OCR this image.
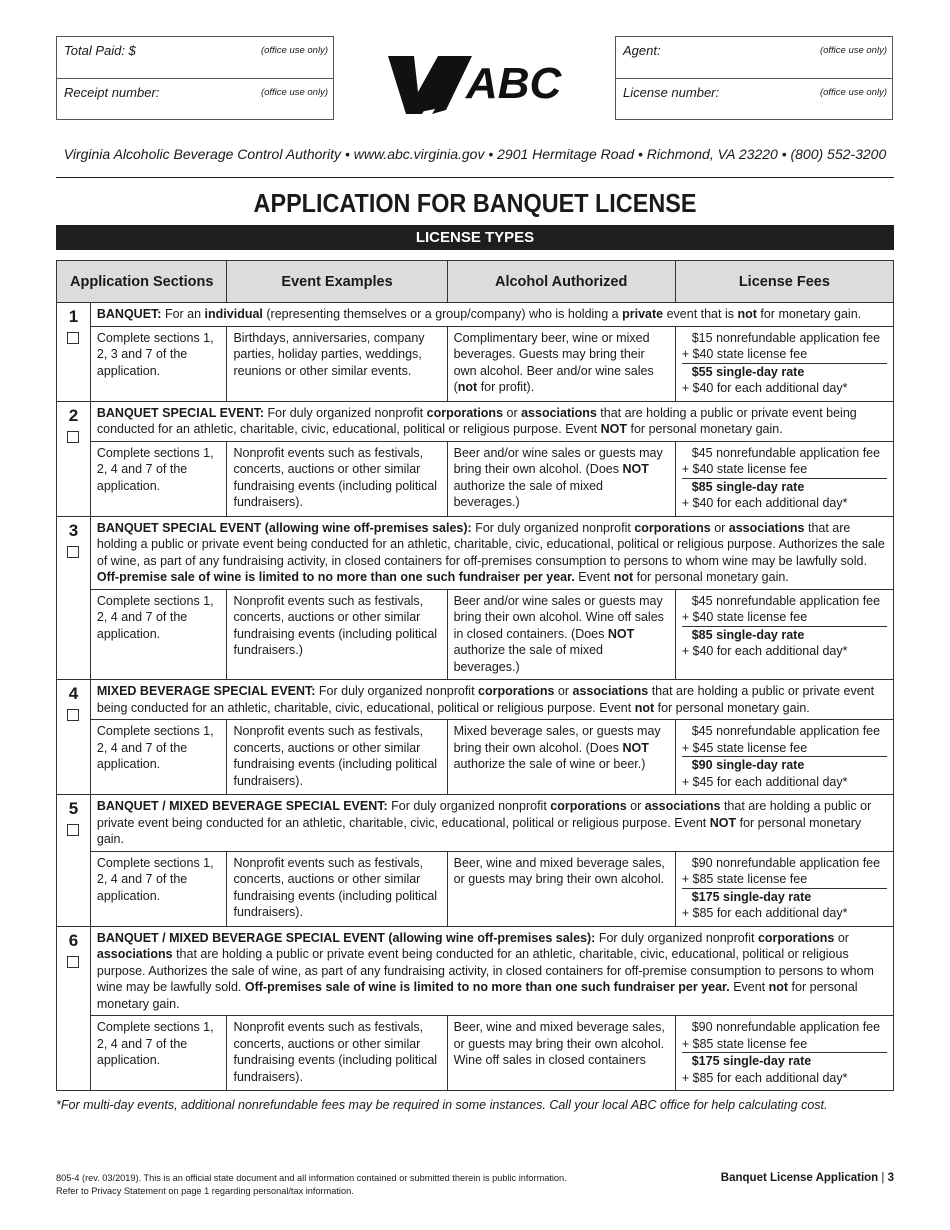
Total Paid: $	(office use only)
Receipt number:	(office use only)	ABC
Agent:	(office use only)
License number:	(office use only)
Virginia Alcoholic Beverage Control Authority • www.abc.virginia.gov • 2901 Hermitage Road • Richmond, VA 23220 • (800) 552-3200
APPLICATION FOR BANQUET LICENSE
LICENSE TYPES
Application Sections		Event Examples	Alcohol Authorized	License Fees

1	BANQUET: For an individual (representing themselves or a group/company) who is holding a private event that is not for monetary gain.			
	Complete sections 1, 2, 3 and 7 of the application.	Birthdays, anniversaries, company parties, holiday parties, weddings, reunions or other similar events.	Complimentary beer, wine or mixed beverages. Guests may bring their own alcohol. Beer and/or wine sales (not for profit).	$15 nonrefundable application fee
+ $40 state license fee
$55 single-day rate
+ $40 for each additional day*

2	BANQUET SPECIAL EVENT: For duly organized nonprofit corporations or associations that are holding a public or private event being conducted for an athletic, charitable, civic, educational, political or religious purpose. Event NOT for personal monetary gain.			
	Complete sections 1, 2, 4 and 7 of the application.	Nonprofit events such as festivals, concerts, auctions or other similar fundraising events (including political fundraisers).	Beer and/or wine sales or guests may bring their own alcohol. (Does NOT authorize the sale of mixed beverages.)	$45 nonrefundable application fee
+ $40 state license fee
$85 single-day rate
+ $40 for each additional day*

3	BANQUET SPECIAL EVENT (allowing wine off-premises sales): For duly organized nonprofit corporations or associations that are holding a public or private event being conducted for an athletic, charitable, civic, educational, political or religious purpose. Authorizes the sale of wine, as part of any fundraising activity, in closed containers for off-premises consumption to persons to whom wine may be lawfully sold. Off-premise sale of wine is limited to no more than one such fundraiser per year. Event not for personal monetary gain.			
	Complete sections 1, 2, 4 and 7 of the application.	Nonprofit events such as festivals, concerts, auctions or other similar fundraising events (including political fundraisers.)	Beer and/or wine sales or guests may bring their own alcohol. Wine off sales in closed containers. (Does NOT authorize the sale of mixed beverages.)	$45 nonrefundable application fee
+ $40 state license fee
$85 single-day rate
+ $40 for each additional day*

4	MIXED BEVERAGE SPECIAL EVENT: For duly organized nonprofit corporations or associations that are holding a public or private event being conducted for an athletic, charitable, civic, educational, political or religious purpose. Event not for personal monetary gain.			
	Complete sections 1, 2, 4 and 7 of the application.	Nonprofit events such as festivals, concerts, auctions or other similar fundraising events (including political fundraisers).	Mixed beverage sales, or guests may bring their own alcohol. (Does NOT authorize the sale of wine or beer.)	$45 nonrefundable application fee
+ $45 state license fee
$90 single-day rate
+ $45 for each additional day*

5	BANQUET / MIXED BEVERAGE SPECIAL EVENT: For duly organized nonprofit corporations or associations that are holding a public or private event being conducted for an athletic, charitable, civic, educational, political or religious purpose. Event NOT for personal monetary gain.			
	Complete sections 1, 2, 4 and 7 of the application.	Nonprofit events such as festivals, concerts, auctions or other similar fundraising events (including political fundraisers).	Beer, wine and mixed beverage sales, or guests may bring their own alcohol.	$90 nonrefundable application fee
+ $85 state license fee
$175 single-day rate
+ $85 for each additional day*

6	BANQUET / MIXED BEVERAGE SPECIAL EVENT (allowing wine off-premises sales): For duly organized nonprofit corporations or associations that are holding a public or private event being conducted for an athletic, charitable, civic, educational, political or religious purpose. Authorizes the sale of wine, as part of any fundraising activity, in closed containers for off-premise consumption to persons to whom wine may be lawfully sold. Off-premises sale of wine is limited to no more than one such fundraiser per year. Event not for personal monetary gain.			
	Complete sections 1, 2, 4 and 7 of the application.	Nonprofit events such as festivals, concerts, auctions or other similar fundraising events (including political fundraisers).	Beer, wine and mixed beverage sales, or guests may bring their own alcohol. Wine off sales in closed containers	$90 nonrefundable application fee
+ $85 state license fee
$175 single-day rate
+ $85 for each additional day*
*For multi-day events, additional nonrefundable fees may be required in some instances. Call your local ABC office for help calculating cost.
805-4 (rev. 03/2019). This is an official state document and all information contained or submitted therein is public information.
Refer to Privacy Statement on page 1 regarding personal/tax information.
Banquet License Application | 3
